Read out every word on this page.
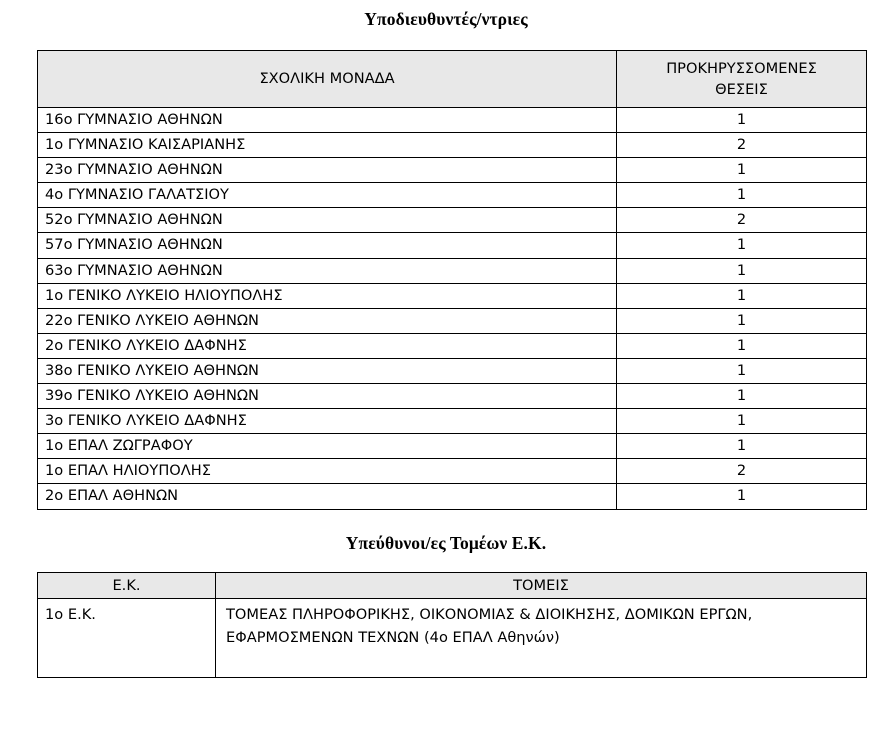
Υποδιευθυντές/ντριες
ΣΧΟΛΙΚΗ ΜΟΝΑΔΑ	ΠΡΟΚΗΡΥΣΣΟΜΕΝΕΣ
ΘΕΣΕΙΣ
16ο ΓΥΜΝΑΣΙΟ ΑΘΗΝΩΝ	1
1ο ΓΥΜΝΑΣΙΟ ΚΑΙΣΑΡΙΑΝΗΣ	2
23ο ΓΥΜΝΑΣΙΟ ΑΘΗΝΩΝ	1
4ο ΓΥΜΝΑΣΙΟ ΓΑΛΑΤΣΙΟΥ	1
52ο ΓΥΜΝΑΣΙΟ ΑΘΗΝΩΝ	2
57ο ΓΥΜΝΑΣΙΟ ΑΘΗΝΩΝ	1
63ο ΓΥΜΝΑΣΙΟ ΑΘΗΝΩΝ	1
1ο ΓΕΝΙΚΟ ΛΥΚΕΙΟ ΗΛΙΟΥΠΟΛΗΣ	1
22ο ΓΕΝΙΚΟ ΛΥΚΕΙΟ ΑΘΗΝΩΝ	1
2ο ΓΕΝΙΚΟ ΛΥΚΕΙΟ ΔΑΦΝΗΣ	1
38ο ΓΕΝΙΚΟ ΛΥΚΕΙΟ ΑΘΗΝΩΝ	1
39ο ΓΕΝΙΚΟ ΛΥΚΕΙΟ ΑΘΗΝΩΝ	1
3ο ΓΕΝΙΚΟ ΛΥΚΕΙΟ ΔΑΦΝΗΣ	1
1ο ΕΠΑΛ ΖΩΓΡΑΦΟΥ	1
1ο ΕΠΑΛ ΗΛΙΟΥΠΟΛΗΣ	2
2ο ΕΠΑΛ ΑΘΗΝΩΝ	1
Υπεύθυνοι/ες Τομέων Ε.Κ.
Ε.Κ.	ΤΟΜΕΙΣ
1ο Ε.Κ.	ΤΟΜΕΑΣ ΠΛΗΡΟΦΟΡΙΚΗΣ, ΟΙΚΟΝΟΜΙΑΣ & ΔΙΟΙΚΗΣΗΣ, ΔΟΜΙΚΩΝ ΕΡΓΩΝ,
ΕΦΑΡΜΟΣΜΕΝΩΝ ΤΕΧΝΩΝ (4ο ΕΠΑΛ Αθηνών)
